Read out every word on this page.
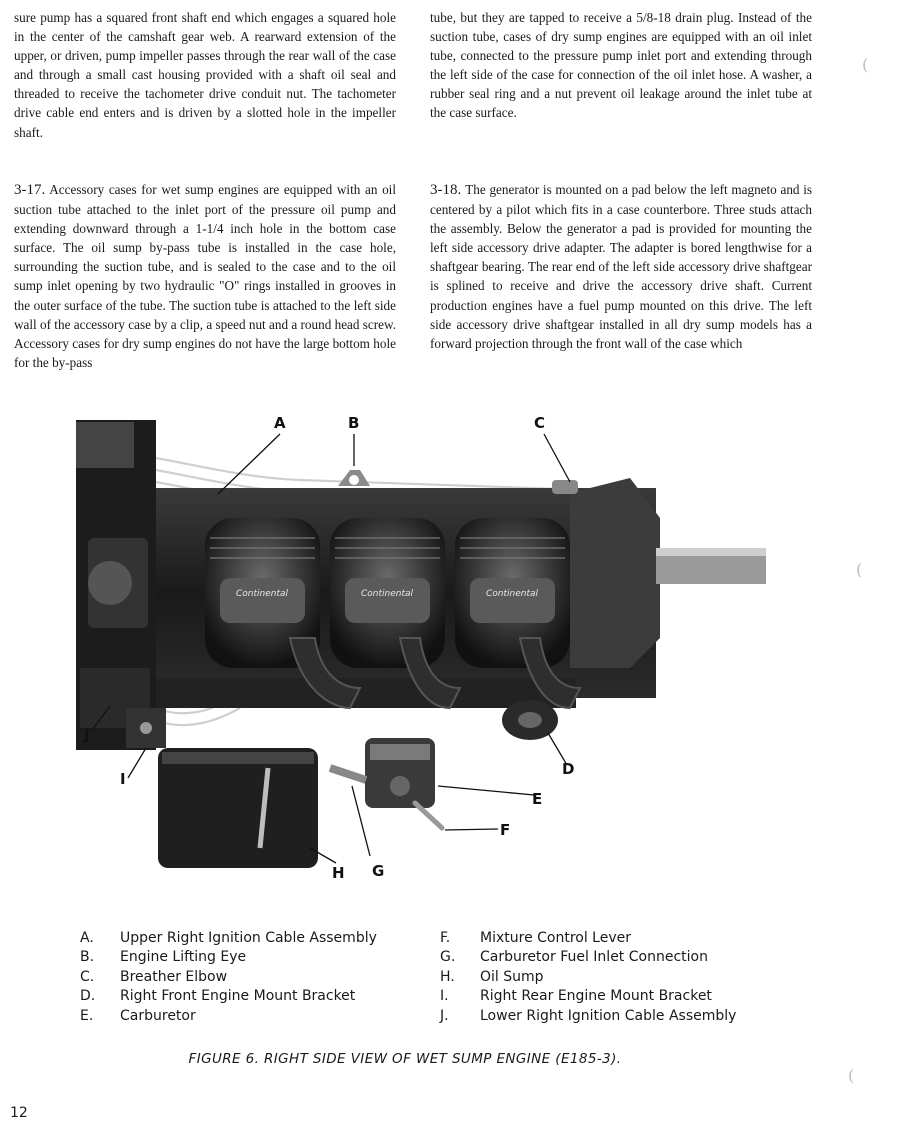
sure pump has a squared front shaft end which engages a squared hole in the center of the camshaft gear web. A rearward extension of the upper, or driven, pump impeller passes through the rear wall of the case and through a small cast housing provided with a shaft oil seal and threaded to receive the tachometer drive conduit nut. The tachometer drive cable end enters and is driven by a slotted hole in the impeller shaft.

tube, but they are tapped to receive a 5/8-18 drain plug. Instead of the suction tube, cases of dry sump engines are equipped with an oil inlet tube, connected to the pressure pump inlet port and extending through the left side of the case for connection of the oil inlet hose. A washer, a rubber seal ring and a nut prevent oil leakage around the inlet tube at the case surface.

3-17. Accessory cases for wet sump engines are equipped with an oil suction tube attached to the inlet port of the pressure oil pump and extending downward through a 1-1/4 inch hole in the bottom case surface. The oil sump by-pass tube is installed in the case hole, surrounding the suction tube, and is sealed to the case and to the oil sump inlet opening by two hydraulic "O" rings installed in grooves in the outer surface of the tube. The suction tube is attached to the left side wall of the accessory case by a clip, a speed nut and a round head screw. Accessory cases for dry sump engines do not have the large bottom hole for the by-pass

3-18. The generator is mounted on a pad below the left magneto and is centered by a pilot which fits in a case counterbore. Three studs attach the assembly. Below the generator a pad is provided for mounting the left side accessory drive adapter. The adapter is bored lengthwise for a shaftgear bearing. The rear end of the left side accessory drive shaftgear is splined to receive and drive the accessory drive shaft. Current production engines have a fuel pump mounted on this drive. The left side accessory drive shaftgear installed in all dry sump models has a forward projection through the front wall of the case which

Continental	Continental	Continental
A	B	C
D
E
F
G
H
I
J
A. Upper Right Ignition Cable Assembly
B. Engine Lifting Eye
C. Breather Elbow
D. Right Front Engine Mount Bracket
E. Carburetor
F. Mixture Control Lever
G. Carburetor Fuel Inlet Connection
H. Oil Sump
I. Right Rear Engine Mount Bracket
J. Lower Right Ignition Cable Assembly
FIGURE 6. RIGHT SIDE VIEW OF WET SUMP ENGINE (E185-3).
12
(
(
(
